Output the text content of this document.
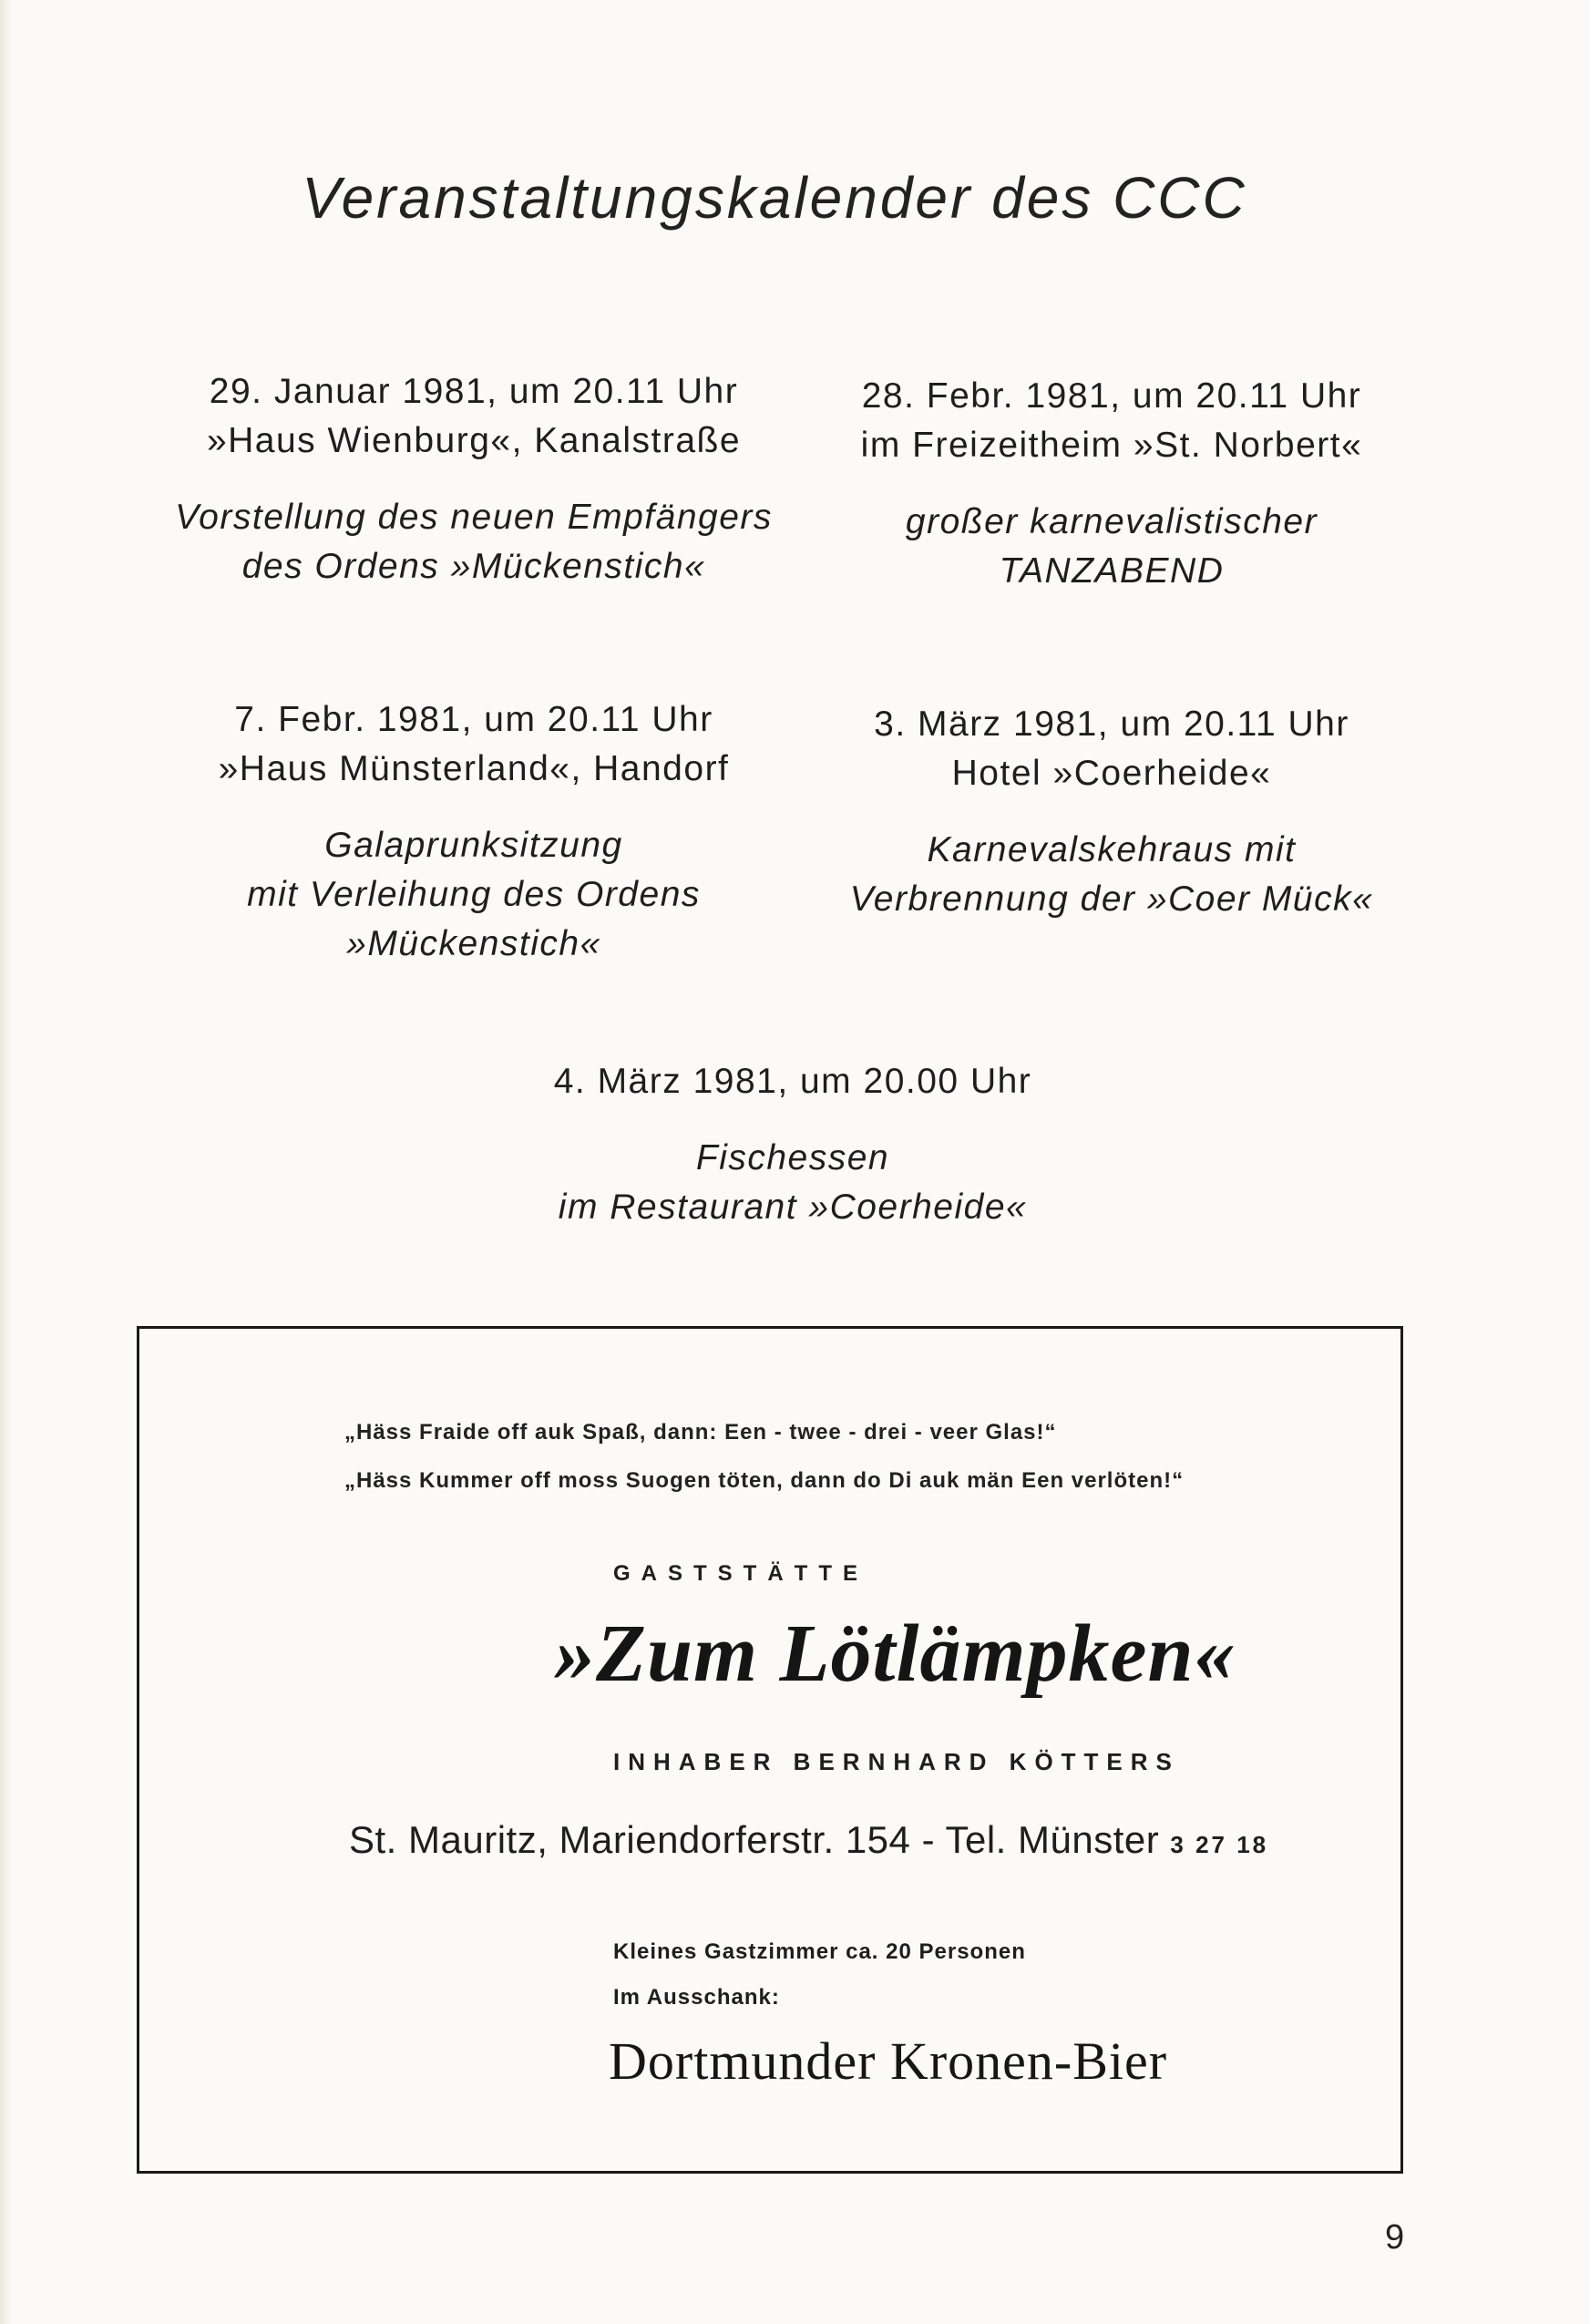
Veranstaltungskalender des CCC
29. Januar 1981, um 20.11 Uhr
»Haus Wienburg«, Kanalstraße
Vorstellung des neuen Empfängers
des Ordens »Mückenstich«
28. Febr. 1981, um 20.11 Uhr
im Freizeitheim »St. Norbert«
großer karnevalistischer
TANZABEND
7. Febr. 1981, um 20.11 Uhr
»Haus Münsterland«, Handorf
Galaprunksitzung
mit Verleihung des Ordens
»Mückenstich«
3. März 1981, um 20.11 Uhr
Hotel »Coerheide«
Karnevalskehraus mit
Verbrennung der »Coer Mück«
4. März 1981, um 20.00 Uhr
Fischessen
im Restaurant »Coerheide«
„Häss Fraide off auk Spaß, dann: Een - twee - drei - veer Glas!“
„Häss Kummer off moss Suogen töten, dann do Di auk män Een verlöten!“
GASTSTÄTTE
»Zum Lötlämpken«
INHABER BERNHARD KÖTTERS
St. Mauritz, Mariendorferstr. 154 - Tel. Münster 3 27 18
Kleines Gastzimmer ca. 20 Personen
Im Ausschank:
Dortmunder Kronen-Bier
9
